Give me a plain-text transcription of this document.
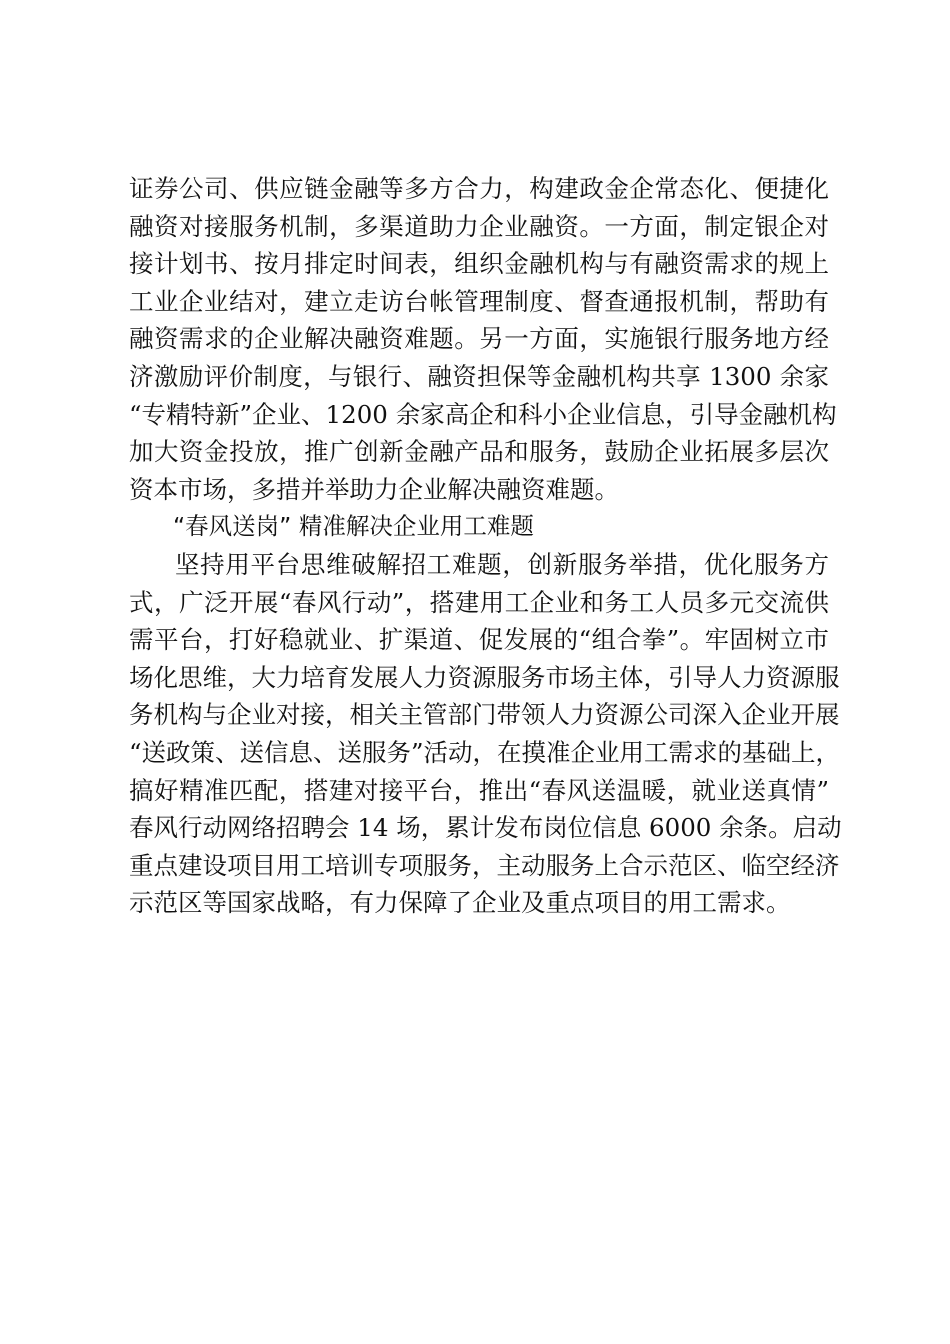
证券公司、供应链金融等多方合力，构建政金企常态化、便捷化
融资对接服务机制，多渠道助力企业融资。一方面，制定银企对
接计划书、按月排定时间表，组织金融机构与有融资需求的规上
工业企业结对，建立走访台帐管理制度、督查通报机制，帮助有
融资需求的企业解决融资难题。另一方面，实施银行服务地方经
济激励评价制度，与银行、融资担保等金融机构共享 1300 余家
“专精特新”企业、1200 余家高企和科小企业信息，引导金融机构
加大资金投放，推广创新金融产品和服务，鼓励企业拓展多层次
资本市场，多措并举助力企业解决融资难题。
“春风送岗” 精准解决企业用工难题
坚持用平台思维破解招工难题，创新服务举措，优化服务方
式，广泛开展“春风行动”，搭建用工企业和务工人员多元交流供
需平台，打好稳就业、扩渠道、促发展的“组合拳”。牢固树立市
场化思维，大力培育发展人力资源服务市场主体，引导人力资源服
务机构与企业对接，相关主管部门带领人力资源公司深入企业开展
“送政策、送信息、送服务”活动，在摸准企业用工需求的基础上，
搞好精准匹配，搭建对接平台，推出“春风送温暖，就业送真情”
春风行动网络招聘会 14 场，累计发布岗位信息 6000 余条。启动
重点建设项目用工培训专项服务，主动服务上合示范区、临空经济
示范区等国家战略，有力保障了企业及重点项目的用工需求。
